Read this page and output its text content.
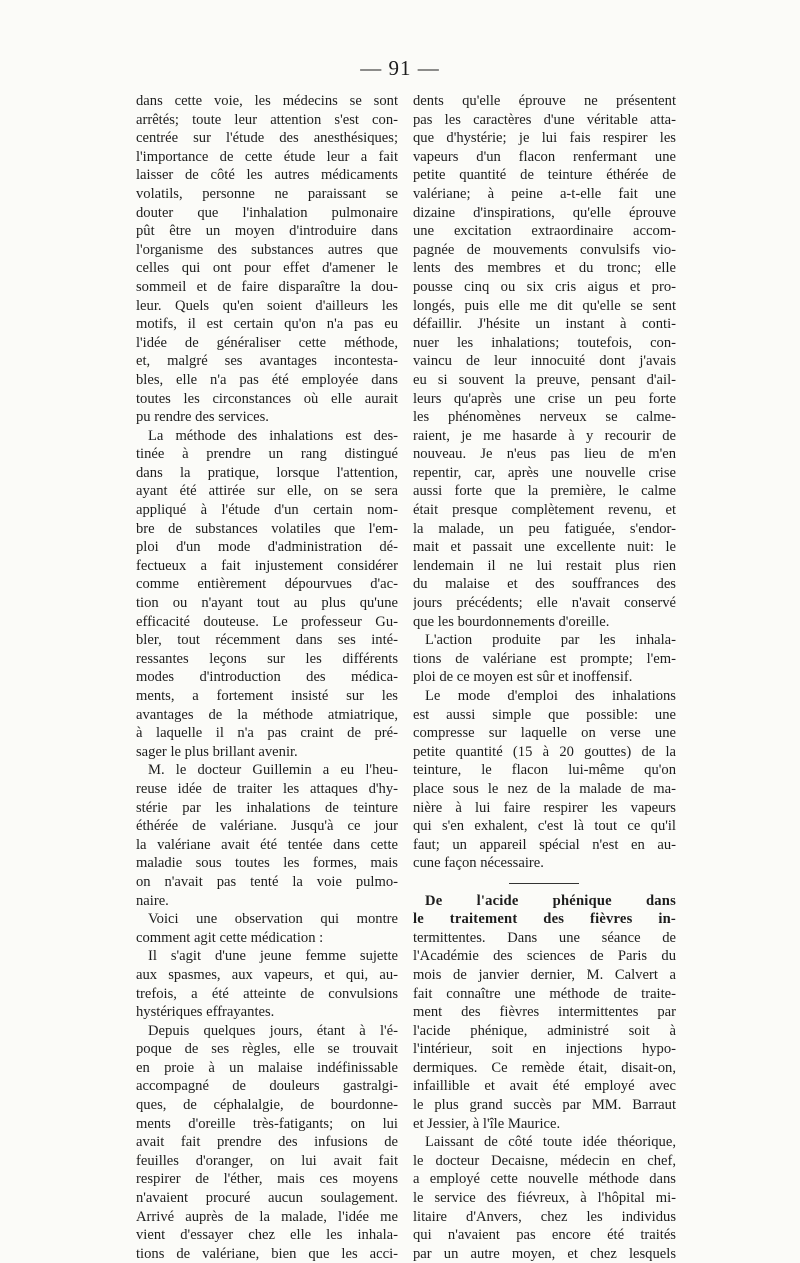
— 91 —
dans cette voie, les médecins se sont
arrêtés; toute leur attention s'est con-
centrée sur l'étude des anesthésiques;
l'importance de cette étude leur a fait
laisser de côté les autres médicaments
volatils, personne ne paraissant se
douter que l'inhalation pulmonaire
pût être un moyen d'introduire dans
l'organisme des substances autres que
celles qui ont pour effet d'amener le
sommeil et de faire disparaître la dou-
leur. Quels qu'en soient d'ailleurs les
motifs, il est certain qu'on n'a pas eu
l'idée de généraliser cette méthode,
et, malgré ses avantages incontesta-
bles, elle n'a pas été employée dans
toutes les circonstances où elle aurait
pu rendre des services.
La méthode des inhalations est des-
tinée à prendre un rang distingué
dans la pratique, lorsque l'attention,
ayant été attirée sur elle, on se sera
appliqué à l'étude d'un certain nom-
bre de substances volatiles que l'em-
ploi d'un mode d'administration dé-
fectueux a fait injustement considérer
comme entièrement dépourvues d'ac-
tion ou n'ayant tout au plus qu'une
efficacité douteuse. Le professeur Gu-
bler, tout récemment dans ses inté-
ressantes leçons sur les différents
modes d'introduction des médica-
ments, a fortement insisté sur les
avantages de la méthode atmiatrique,
à laquelle il n'a pas craint de pré-
sager le plus brillant avenir.
M. le docteur Guillemin a eu l'heu-
reuse idée de traiter les attaques d'hy-
stérie par les inhalations de teinture
éthérée de valériane. Jusqu'à ce jour
la valériane avait été tentée dans cette
maladie sous toutes les formes, mais
on n'avait pas tenté la voie pulmo-
naire.
Voici une observation qui montre
comment agit cette médication :
Il s'agit d'une jeune femme sujette
aux spasmes, aux vapeurs, et qui, au-
trefois, a été atteinte de convulsions
hystériques effrayantes.
Depuis quelques jours, étant à l'é-
poque de ses règles, elle se trouvait
en proie à un malaise indéfinissable
accompagné de douleurs gastralgi-
ques, de céphalalgie, de bourdonne-
ments d'oreille très-fatigants; on lui
avait fait prendre des infusions de
feuilles d'oranger, on lui avait fait
respirer de l'éther, mais ces moyens
n'avaient procuré aucun soulagement.
Arrivé auprès de la malade, l'idée me
vient d'essayer chez elle les inhala-
tions de valériane, bien que les acci-
dents qu'elle éprouve ne présentent
pas les caractères d'une véritable atta-
que d'hystérie; je lui fais respirer les
vapeurs d'un flacon renfermant une
petite quantité de teinture éthérée de
valériane; à peine a-t-elle fait une
dizaine d'inspirations, qu'elle éprouve
une excitation extraordinaire accom-
pagnée de mouvements convulsifs vio-
lents des membres et du tronc; elle
pousse cinq ou six cris aigus et pro-
longés, puis elle me dit qu'elle se sent
défaillir. J'hésite un instant à conti-
nuer les inhalations; toutefois, con-
vaincu de leur innocuité dont j'avais
eu si souvent la preuve, pensant d'ail-
leurs qu'après une crise un peu forte
les phénomènes nerveux se calme-
raient, je me hasarde à y recourir de
nouveau. Je n'eus pas lieu de m'en
repentir, car, après une nouvelle crise
aussi forte que la première, le calme
était presque complètement revenu, et
la malade, un peu fatiguée, s'endor-
mait et passait une excellente nuit: le
lendemain il ne lui restait plus rien
du malaise et des souffrances des
jours précédents; elle n'avait conservé
que les bourdonnements d'oreille.
L'action produite par les inhala-
tions de valériane est prompte; l'em-
ploi de ce moyen est sûr et inoffensif.
Le mode d'emploi des inhalations
est aussi simple que possible: une
compresse sur laquelle on verse une
petite quantité (15 à 20 gouttes) de la
teinture, le flacon lui-même qu'on
place sous le nez de la malade de ma-
nière à lui faire respirer les vapeurs
qui s'en exhalent, c'est là tout ce qu'il
faut; un appareil spécial n'est en au-
cune façon nécessaire.
De l'acide phénique dans
le traitement des fièvres in-
termittentes. Dans une séance de
l'Académie des sciences de Paris du
mois de janvier dernier, M. Calvert a
fait connaître une méthode de traite-
ment des fièvres intermittentes par
l'acide phénique, administré soit à
l'intérieur, soit en injections hypo-
dermiques. Ce remède était, disait-on,
infaillible et avait été employé avec
le plus grand succès par MM. Barraut
et Jessier, à l'île Maurice.
Laissant de côté toute idée théorique,
le docteur Decaisne, médecin en chef,
a employé cette nouvelle méthode dans
le service des fiévreux, à l'hôpital mi-
litaire d'Anvers, chez les individus
qui n'avaient pas encore été traités
par un autre moyen, et chez lesquels
